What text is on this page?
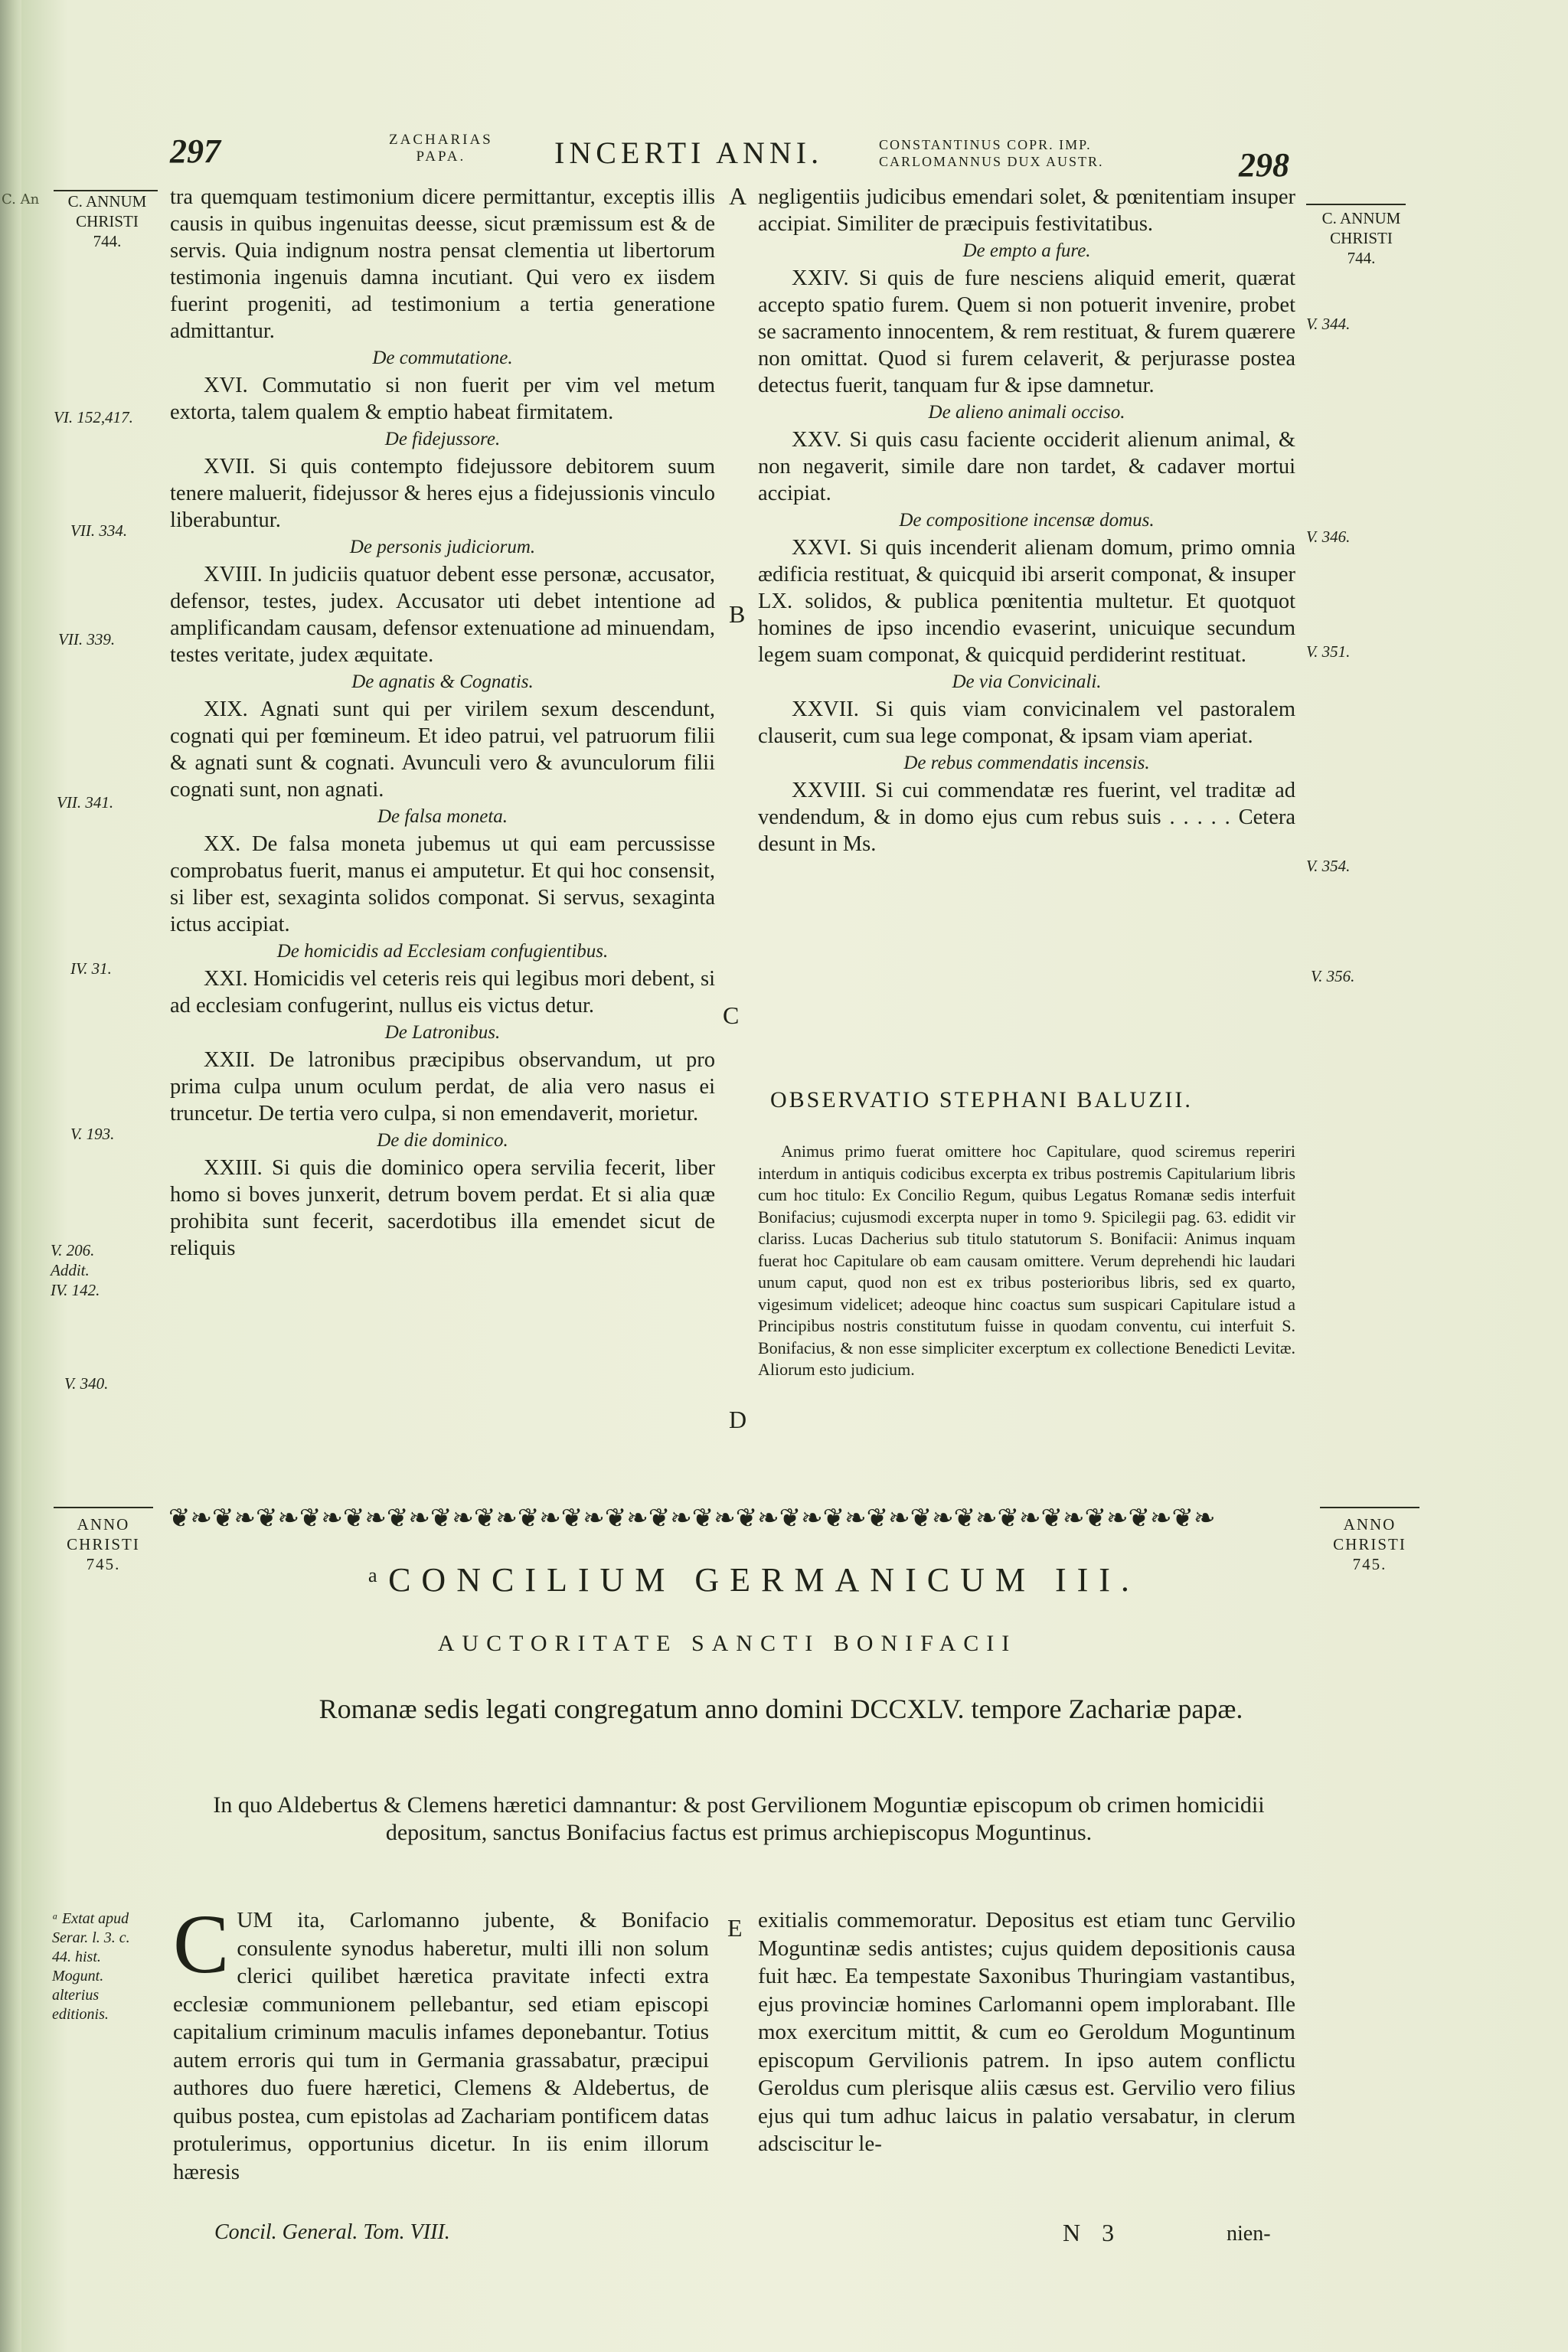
C. An
297	ZACHARIAS
PAPA.	INCERTI ANNI.	CONSTANTINUS COPR. IMP.
CARLOMANNUS DUX AUSTR.	298
C. ANNUM
CHRISTI
744.
VI. 152,417.
VII. 334.
VII. 339.
VII. 341.
IV. 31.
V. 193.
V. 206.
Addit.
IV. 142.
V. 340.
C. ANNUM
CHRISTI
744.
V. 344.
V. 346.
V. 351.
V. 354.
V. 356.
A
B
C
D
E

tra quemquam testimonium dicere permittantur, exceptis illis causis in quibus ingenuitas deesse, sicut præmissum est & de servis. Quia indignum nostra pensat clementia ut libertorum testimonia ingenuis damna incutiant. Qui vero ex iisdem fuerint progeniti, ad testimonium a tertia generatione admittantur.

De commutatione.

XVI. Commutatio si non fuerit per vim vel metum extorta, talem qualem & emptio habeat firmitatem.

De fidejussore.

XVII. Si quis contempto fidejussore debitorem suum tenere maluerit, fidejussor & heres ejus a fidejussionis vinculo liberabuntur.

De personis judiciorum.

XVIII. In judiciis quatuor debent esse personæ, accusator, defensor, testes, judex. Accusator uti debet intentione ad amplificandam causam, defensor extenuatione ad minuendam, testes veritate, judex æquitate.

De agnatis & Cognatis.

XIX. Agnati sunt qui per virilem sexum descendunt, cognati qui per fœmineum. Et ideo patrui, vel patruorum filii & agnati sunt & cognati. Avunculi vero & avunculorum filii cognati sunt, non agnati.

De falsa moneta.

XX. De falsa moneta jubemus ut qui eam percussisse comprobatus fuerit, manus ei amputetur. Et qui hoc consensit, si liber est, sexaginta solidos componat. Si servus, sexaginta ictus accipiat.

De homicidis ad Ecclesiam confugientibus.

XXI. Homicidis vel ceteris reis qui legibus mori debent, si ad ecclesiam confugerint, nullus eis victus detur.

De Latronibus.

XXII. De latronibus præcipibus observandum, ut pro prima culpa unum oculum perdat, de alia vero nasus ei truncetur. De tertia vero culpa, si non emendaverit, morietur.

De die dominico.

XXIII. Si quis die dominico opera servilia fecerit, liber homo si boves junxerit, detrum bovem perdat. Et si alia quæ prohibita sunt fecerit, sacerdotibus illa emendet sicut de reliquis

negligentiis judicibus emendari solet, & pœnitentiam insuper accipiat. Similiter de præcipuis festivitatibus.

De empto a fure.

XXIV. Si quis de fure nesciens aliquid emerit, quærat accepto spatio furem. Quem si non potuerit invenire, probet se sacramento innocentem, & rem restituat, & furem quærere non omittat. Quod si furem celaverit, & perjurasse postea detectus fuerit, tanquam fur & ipse damnetur.

De alieno animali occiso.

XXV. Si quis casu faciente occiderit alienum animal, & non negaverit, simile dare non tardet, & cadaver mortui accipiat.

De compositione incensæ domus.

XXVI. Si quis incenderit alienam domum, primo omnia ædificia restituat, & quicquid ibi arserit componat, & insuper LX. solidos, & publica pœnitentia multetur. Et quotquot homines de ipso incendio evaserint, unicuique secundum legem suam componat, & quicquid perdiderint restituat.

De via Convicinali.

XXVII. Si quis viam convicinalem vel pastoralem clauserit, cum sua lege componat, & ipsam viam aperiat.

De rebus commendatis incensis.

XXVIII. Si cui commendatæ res fuerint, vel traditæ ad vendendum, & in domo ejus cum rebus suis . . . . . Cetera desunt in Ms.

OBSERVATIO STEPHANI BALUZII.
Animus primo fuerat omittere hoc Capitulare, quod sciremus reperiri interdum in antiquis codicibus excerpta ex tribus postremis Capitularium libris cum hoc titulo: Ex Concilio Regum, quibus Legatus Romanæ sedis interfuit Bonifacius; cujusmodi excerpta nuper in tomo 9. Spicilegii pag. 63. edidit vir clariss. Lucas Dacherius sub titulo statutorum S. Bonifacii: Animus inquam fuerat hoc Capitulare ob eam causam omittere. Verum deprehendi hic laudari unum caput, quod non est ex tribus posterioribus libris, sed ex quarto, vigesimum videlicet; adeoque hinc coactus sum suspicari Capitulare istud a Principibus nostris constitutum fuisse in quodam conventu, cui interfuit S. Bonifacius, & non esse simpliciter excerptum ex collectione Benedicti Levitæ. Aliorum esto judicium.
ANNO
CHRISTI
745.
ANNO
CHRISTI
745.
❦❧❦❧❦❧❦❧❦❧❦❧❦❧❦❧❦❧❦❧❦❧❦❧❦❧❦❧❦❧❦❧❦❧❦❧❦❧❦❧❦❧❦❧❦❧❦❧
ᵃCONCILIUM GERMANICUM III.
AUCTORITATE SANCTI BONIFACII
Romanæ sedis legati congregatum anno domini DCCXLV. tempore Zachariæ papæ.
In quo Aldebertus & Clemens hæretici damnantur: & post Gervilionem Moguntiæ episcopum ob crimen homicidii depositum, sanctus Bonifacius factus est primus archiepiscopus Moguntinus.
ᵃ Extat apud Serar. l. 3. c. 44. hist. Mogunt. alterius editionis.
CUM ita, Carlomanno jubente, & Bonifacio consulente synodus haberetur, multi illi non solum clerici quilibet hæretica pravitate infecti extra ecclesiæ communionem pellebantur, sed etiam episcopi capitalium criminum maculis infames deponebantur. Totius autem erroris qui tum in Germania grassabatur, præcipui authores duo fuere hæretici, Clemens & Aldebertus, de quibus postea, cum epistolas ad Zachariam pontificem datas protulerimus, opportunius dicetur. In iis enim illorum hæresis
exitialis commemoratur. Depositus est etiam tunc Gervilio Moguntinæ sedis antistes; cujus quidem depositionis causa fuit hæc. Ea tempestate Saxonibus Thuringiam vastantibus, ejus provinciæ homines Carlomanni opem implorabant. Ille mox exercitum mittit, & cum eo Geroldum Moguntinum episcopum Gervilionis patrem. In ipso autem conflictu Geroldus cum plerisque aliis cæsus est. Gervilio vero filius ejus qui tum adhuc laicus in palatio versabatur, in clerum adsciscitur le-
Concil. General. Tom. VIII.	N 3	nien-
